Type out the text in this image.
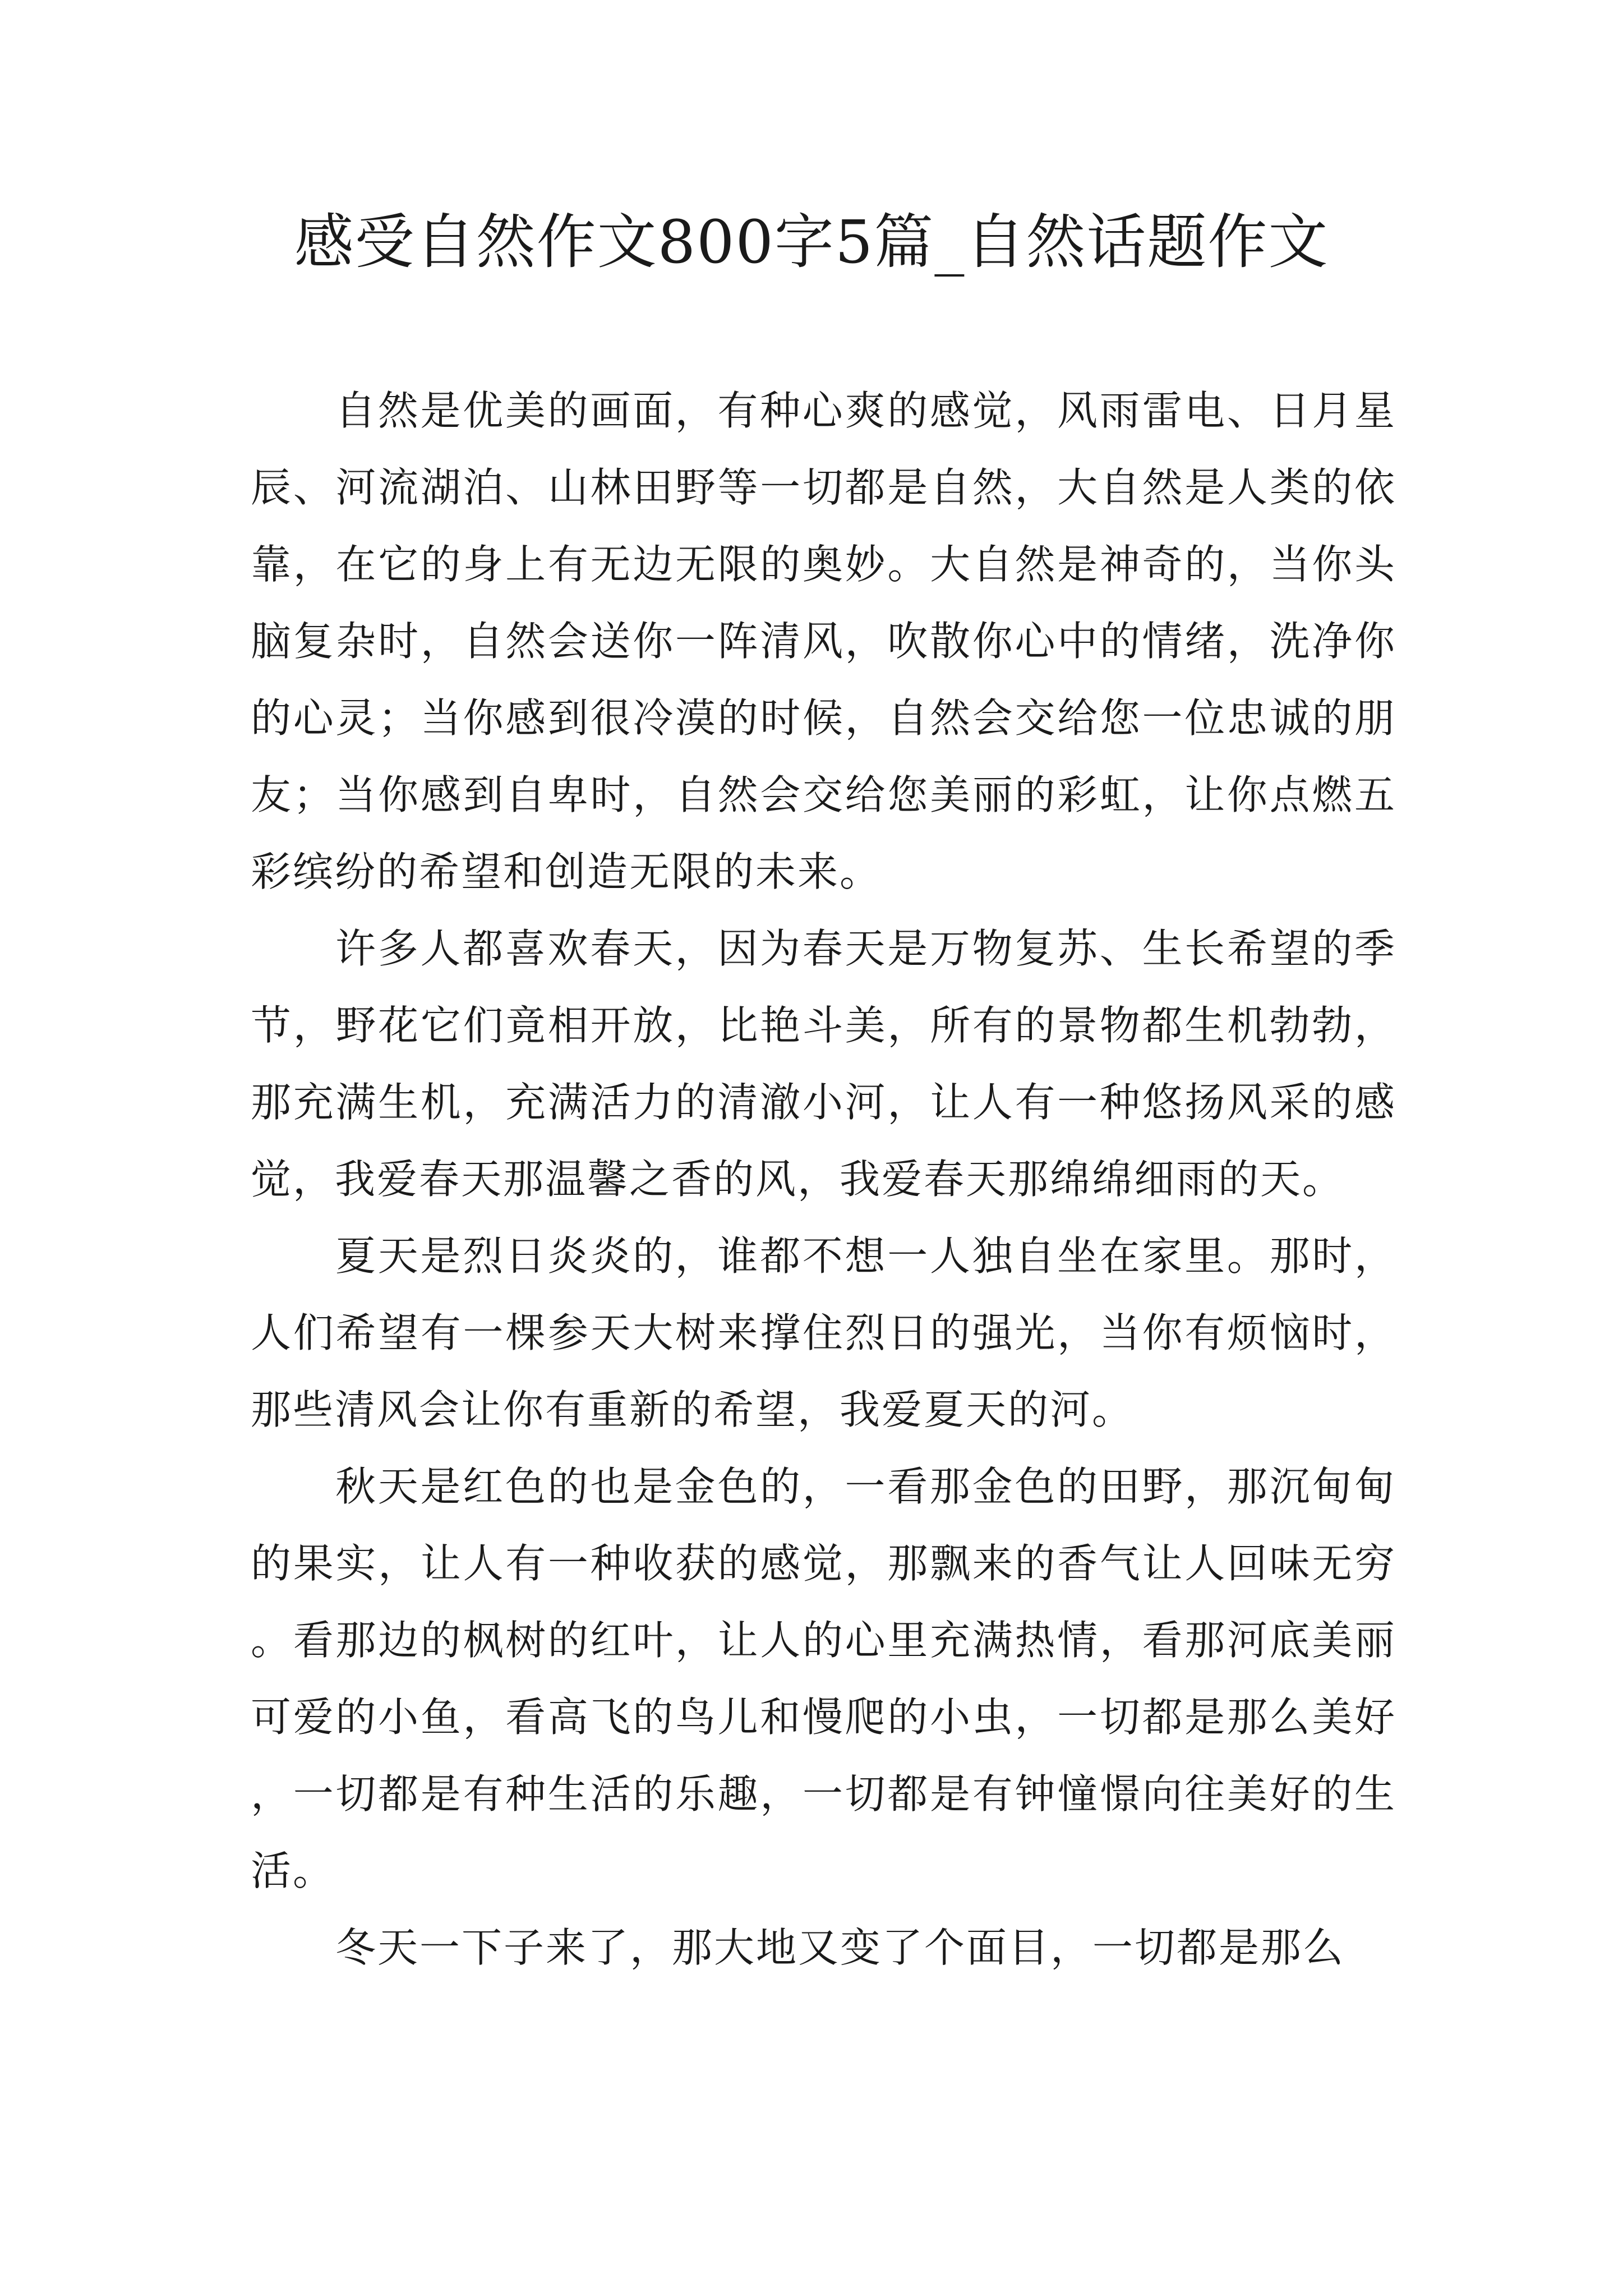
感受自然作文800字5篇_自然话题作文

自然是优美的画面，有种心爽的感觉，风雨雷电、日月星辰、河流湖泊、山林田野等一切都是自然，大自然是人类的依靠，在它的身上有无边无限的奥妙。大自然是神奇的，当你头脑复杂时，自然会送你一阵清风，吹散你心中的情绪，洗净你的心灵；当你感到很冷漠的时候，自然会交给您一位忠诚的朋友；当你感到自卑时，自然会交给您美丽的彩虹，让你点燃五彩缤纷的希望和创造无限的未来。

许多人都喜欢春天，因为春天是万物复苏、生长希望的季节，野花它们竟相开放，比艳斗美，所有的景物都生机勃勃，那充满生机，充满活力的清澈小河，让人有一种悠扬风采的感觉，我爱春天那温馨之香的风，我爱春天那绵绵细雨的天。

夏天是烈日炎炎的，谁都不想一人独自坐在家里。那时，人们希望有一棵参天大树来撑住烈日的强光，当你有烦恼时，那些清风会让你有重新的希望，我爱夏天的河。

秋天是红色的也是金色的，一看那金色的田野，那沉甸甸的果实，让人有一种收获的感觉，那飘来的香气让人回味无穷。看那边的枫树的红叶，让人的心里充满热情，看那河底美丽可爱的小鱼，看高飞的鸟儿和慢爬的小虫，一切都是那么美好，一切都是有种生活的乐趣，一切都是有钟憧憬向往美好的生活。

冬天一下子来了，那大地又变了个面目，一切都是那么
